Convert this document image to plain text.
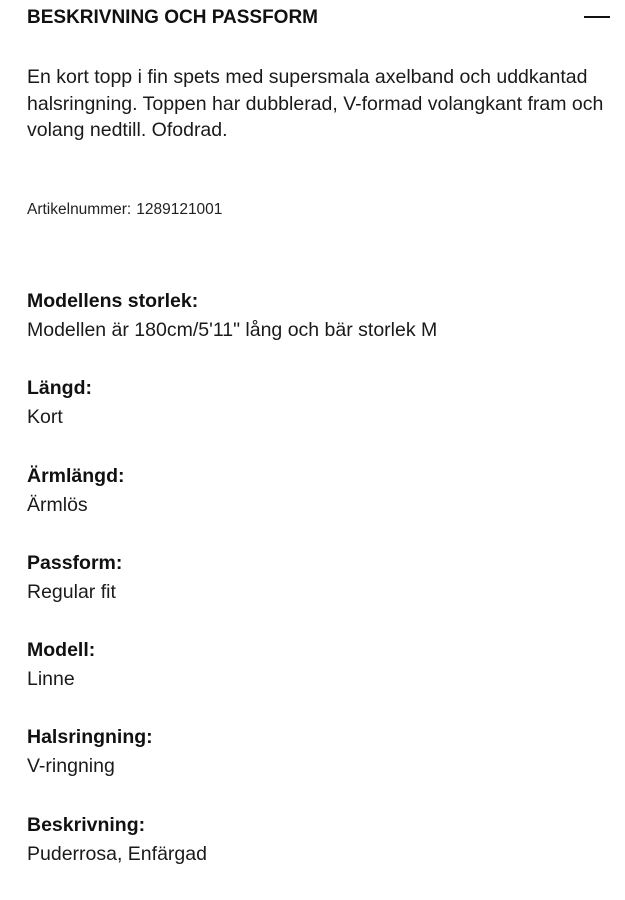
BESKRIVNING OCH PASSFORM
En kort topp i fin spets med supersmala axelband och uddkantad halsringning. Toppen har dubblerad, V-formad volangkant fram och volang nedtill. Ofodrad.
Artikelnummer: 1289121001
Modellens storlek:
Modellen är 180cm/5'11" lång och bär storlek M
Längd:
Kort
Ärmlängd:
Ärmlös
Passform:
Regular fit
Modell:
Linne
Halsringning:
V-ringning
Beskrivning:
Puderrosa, Enfärgad
